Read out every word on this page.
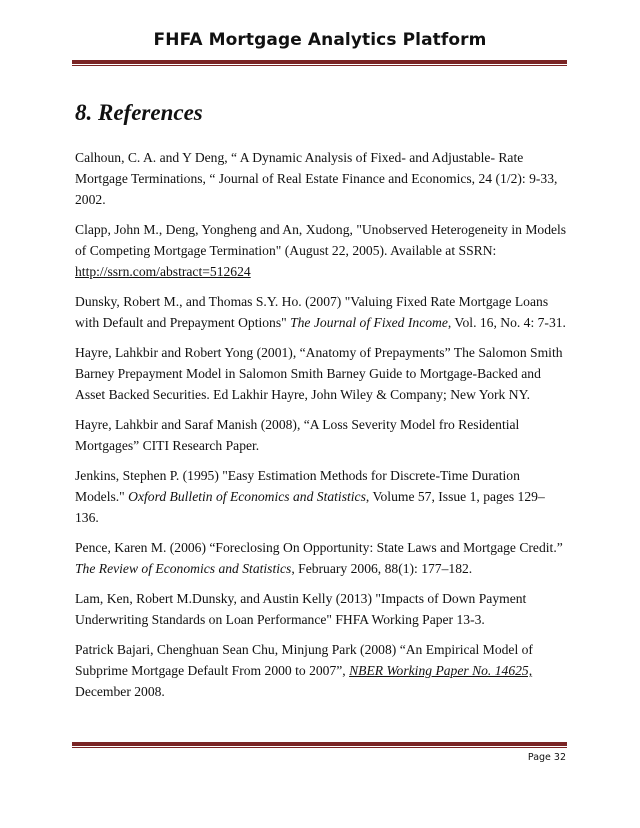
FHFA Mortgage Analytics Platform
8. References

Calhoun, C. A. and Y Deng, “ A Dynamic Analysis of Fixed- and Adjustable- Rate Mortgage Terminations, “ Journal of Real Estate Finance and Economics, 24 (1/2): 9-33, 2002.

Clapp, John M., Deng, Yongheng and An, Xudong, "Unobserved Heterogeneity in Models of Competing Mortgage Termination" (August 22, 2005). Available at SSRN: http://ssrn.com/abstract=512624

Dunsky, Robert M., and Thomas S.Y. Ho. (2007) "Valuing Fixed Rate Mortgage Loans with Default and Prepayment Options" The Journal of Fixed Income, Vol. 16, No. 4: 7-31.

Hayre, Lahkbir and Robert Yong (2001), “Anatomy of Prepayments” The Salomon Smith Barney Prepayment Model in Salomon Smith Barney Guide to Mortgage-Backed and Asset Backed Securities. Ed Lakhir Hayre, John Wiley & Company; New York NY.

Hayre, Lahkbir and Saraf Manish (2008), “A Loss Severity Model fro Residential Mortgages” CITI Research Paper.

Jenkins, Stephen P. (1995) "Easy Estimation Methods for Discrete-Time Duration Models." Oxford Bulletin of Economics and Statistics, Volume 57, Issue 1, pages 129–136.

Pence, Karen M. (2006) “Foreclosing On Opportunity: State Laws and Mortgage Credit.” The Review of Economics and Statistics, February 2006, 88(1): 177–182.

Lam, Ken, Robert M.Dunsky, and Austin Kelly (2013) "Impacts of Down Payment Underwriting Standards on Loan Performance" FHFA Working Paper 13-3.

Patrick Bajari, Chenghuan Sean Chu, Minjung Park (2008) “An Empirical Model of Subprime Mortgage Default From 2000 to 2007”, NBER Working Paper No. 14625, December 2008.

Page 32
